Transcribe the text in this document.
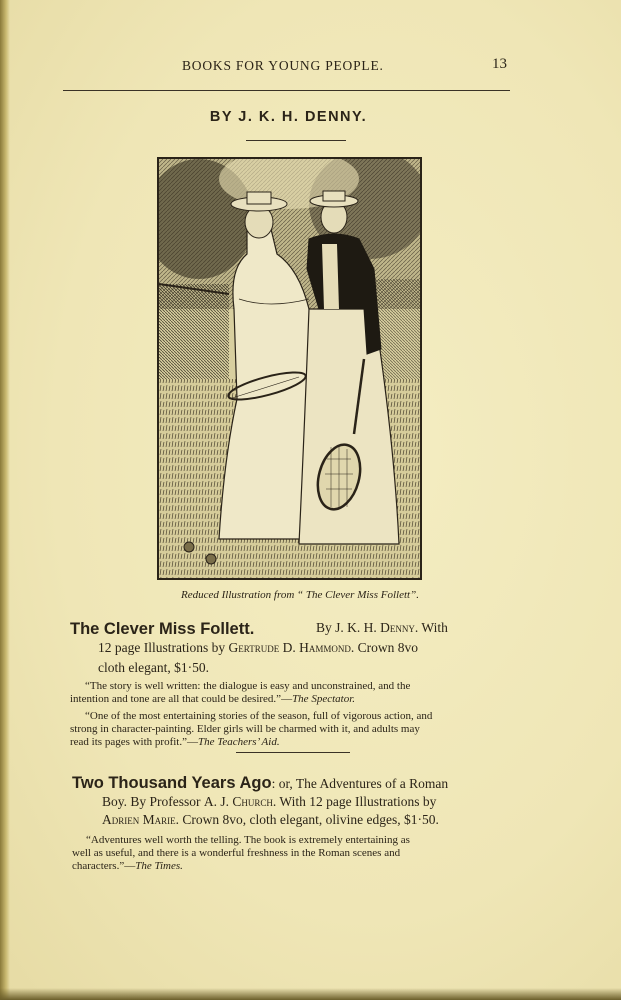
BOOKS FOR YOUNG PEOPLE.	13
BY J. K. H. DENNY.
Reduced Illustration from “ The Clever Miss Follett”.
The Clever Miss Follett.	By J. K. H. Denny. With
12 page Illustrations by Gertrude D. Hammond. Crown 8vo
cloth elegant, $1·50.
“The story is well written: the dialogue is easy and unconstrained, and the
intention and tone are all that could be desired.”—The Spectator.
“One of the most entertaining stories of the season, full of vigorous action, and
strong in character-painting. Elder girls will be charmed with it, and adults may
read its pages with profit.”—The Teachers’ Aid.
Two Thousand Years Ago: or, The Adventures of a Roman
Boy. By Professor A. J. Church. With 12 page Illustrations by
Adrien Marie. Crown 8vo, cloth elegant, olivine edges, $1·50.
“Adventures well worth the telling. The book is extremely entertaining as
well as useful, and there is a wonderful freshness in the Roman scenes and
characters.”—The Times.
